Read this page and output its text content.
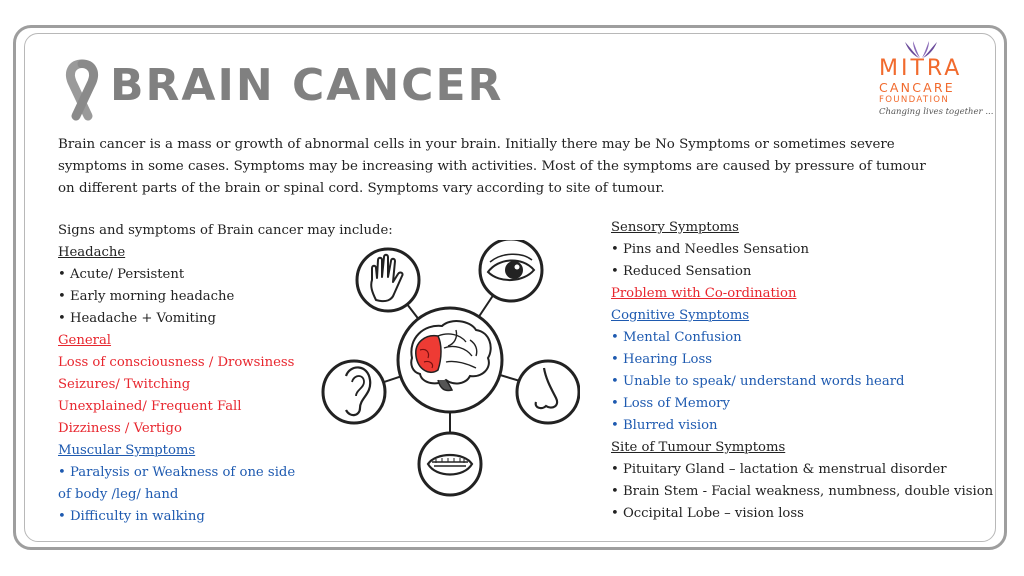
BRAIN CANCER	MITRA
CANCARE
FOUNDATION
Changing lives together ...

Brain cancer is a mass or growth of abnormal cells in your brain. Initially there may be No Symptoms or sometimes severe

symptoms in some cases. Symptoms may be increasing with activities. Most of the symptoms are caused by pressure of tumour

on different parts of the brain or spinal cord. Symptoms vary according to site of tumour.

Signs and symptoms of Brain cancer may include:
Headache
• Acute/ Persistent
• Early morning headache
• Headache + Vomiting
General
Loss of consciousness / Drowsiness
Seizures/ Twitching
Unexplained/ Frequent Fall
Dizziness / Vertigo
Muscular Symptoms
• Paralysis or Weakness of one side of body /leg/ hand
• Difficulty in walking
Sensory Symptoms
• Pins and Needles Sensation
• Reduced Sensation
Problem with Co-ordination
Cognitive Symptoms
• Mental Confusion
• Hearing Loss
• Unable to speak/ understand words heard
• Loss of Memory
• Blurred vision
Site of Tumour Symptoms
• Pituitary Gland – lactation & menstrual disorder
• Brain Stem - Facial weakness, numbness, double vision
• Occipital Lobe – vision loss
